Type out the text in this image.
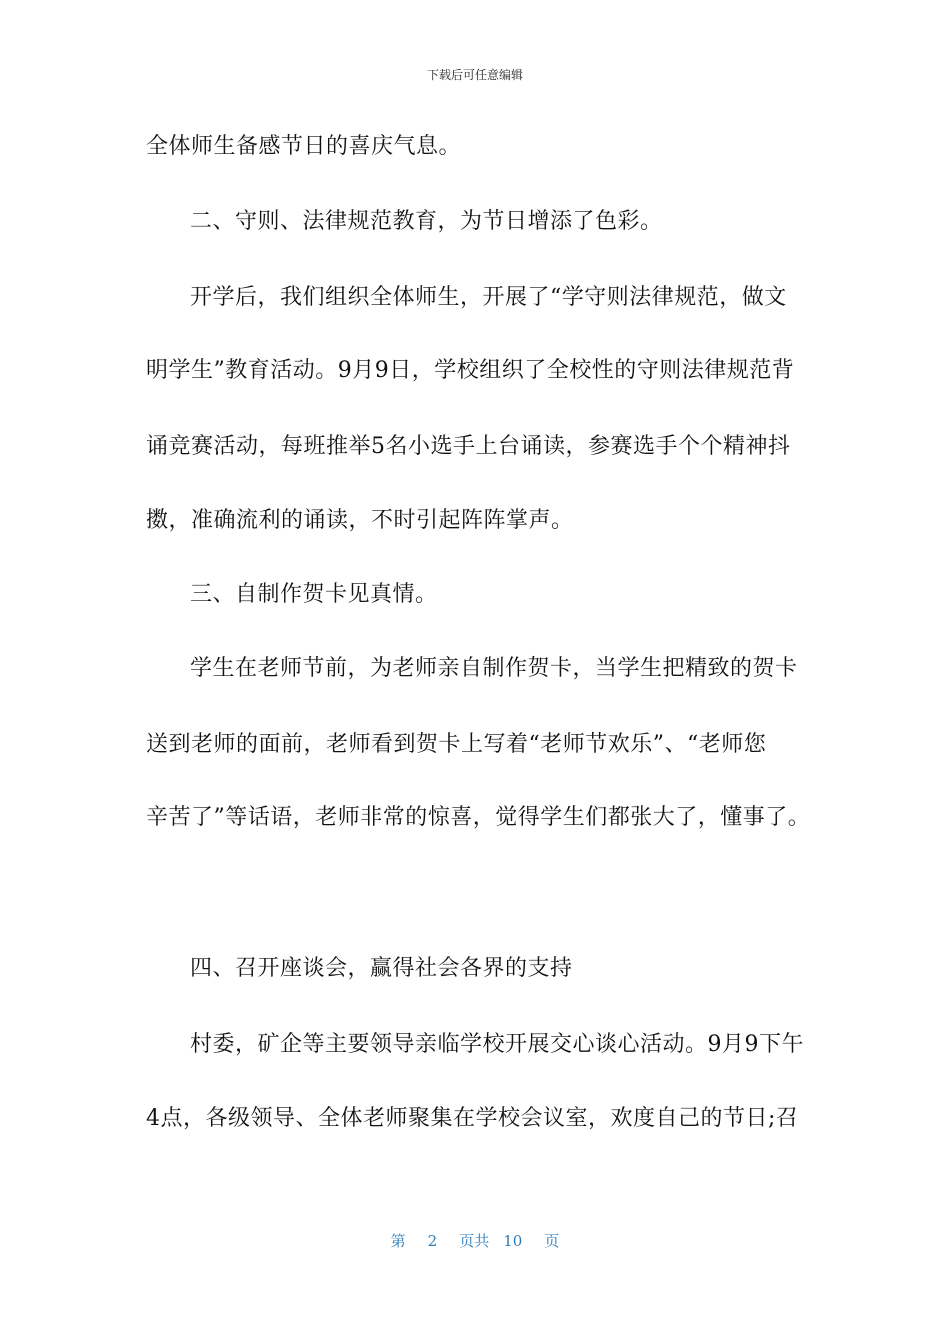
下载后可任意编辑
全体师生备感节日的喜庆气息。
二、守则、法律规范教育，为节日增添了色彩。
开学后，我们组织全体师生，开展了“学守则法律规范，做文
明学生”教育活动。9月9日，学校组织了全校性的守则法律规范背
诵竞赛活动，每班推举5名小选手上台诵读，参赛选手个个精神抖
擞，准确流利的诵读，不时引起阵阵掌声。
三、自制作贺卡见真情。
学生在老师节前，为老师亲自制作贺卡，当学生把精致的贺卡
送到老师的面前，老师看到贺卡上写着“老师节欢乐”、“老师您
辛苦了”等话语，老师非常的惊喜，觉得学生们都张大了，懂事了。
四、召开座谈会，赢得社会各界的支持
村委，矿企等主要领导亲临学校开展交心谈心活动。9月9下午
4点，各级领导、全体老师聚集在学校会议室，欢度自己的节日;召
第 2 页共 10 页
